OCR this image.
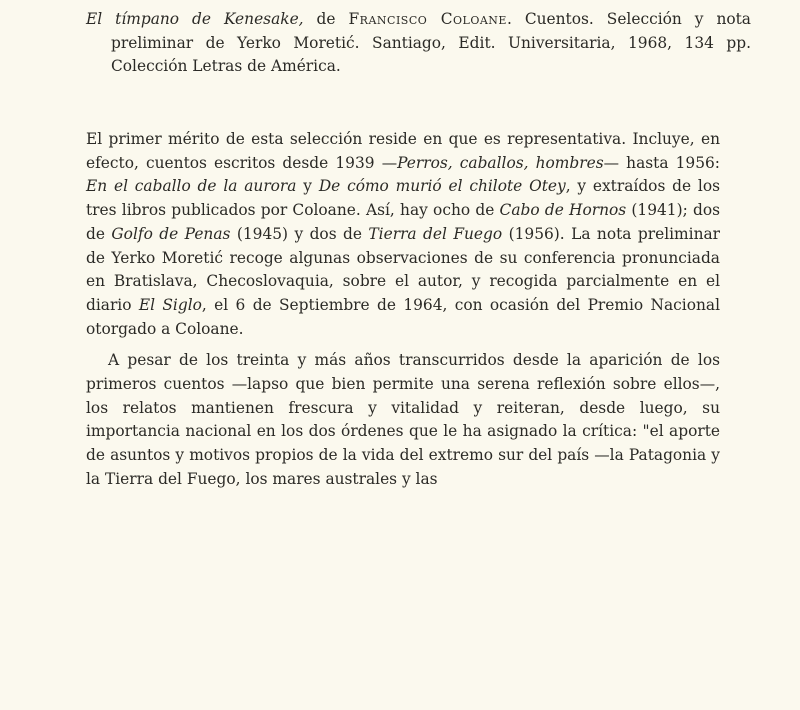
El tímpano de Kenesake, de Francisco Coloane. Cuentos. Selección y nota preliminar de Yerko Moretić. Santiago, Edit. Universitaria, 1968, 134 pp. Colección Letras de América.

El primer mérito de esta selección reside en que es representativa. Incluye, en efecto, cuentos escritos desde 1939 —Perros, caballos, hombres— hasta 1956: En el caballo de la aurora y De cómo murió el chilote Otey, y extraídos de los tres libros publicados por Coloane. Así, hay ocho de Cabo de Hornos (1941); dos de Golfo de Penas (1945) y dos de Tierra del Fuego (1956). La nota preliminar de Yerko Moretić recoge algunas observaciones de su conferencia pronunciada en Bratislava, Checoslovaquia, sobre el autor, y recogida parcialmente en el diario El Siglo, el 6 de Septiembre de 1964, con ocasión del Premio Nacional otorgado a Coloane.

A pesar de los treinta y más años transcurridos desde la aparición de los primeros cuentos —lapso que bien permite una serena reflexión sobre ellos—, los relatos mantienen frescura y vitalidad y reiteran, desde luego, su importancia nacional en los dos órdenes que le ha asignado la crítica: "el aporte de asuntos y motivos propios de la vida del extremo sur del país —la Patagonia y la Tierra del Fuego, los mares australes y las
